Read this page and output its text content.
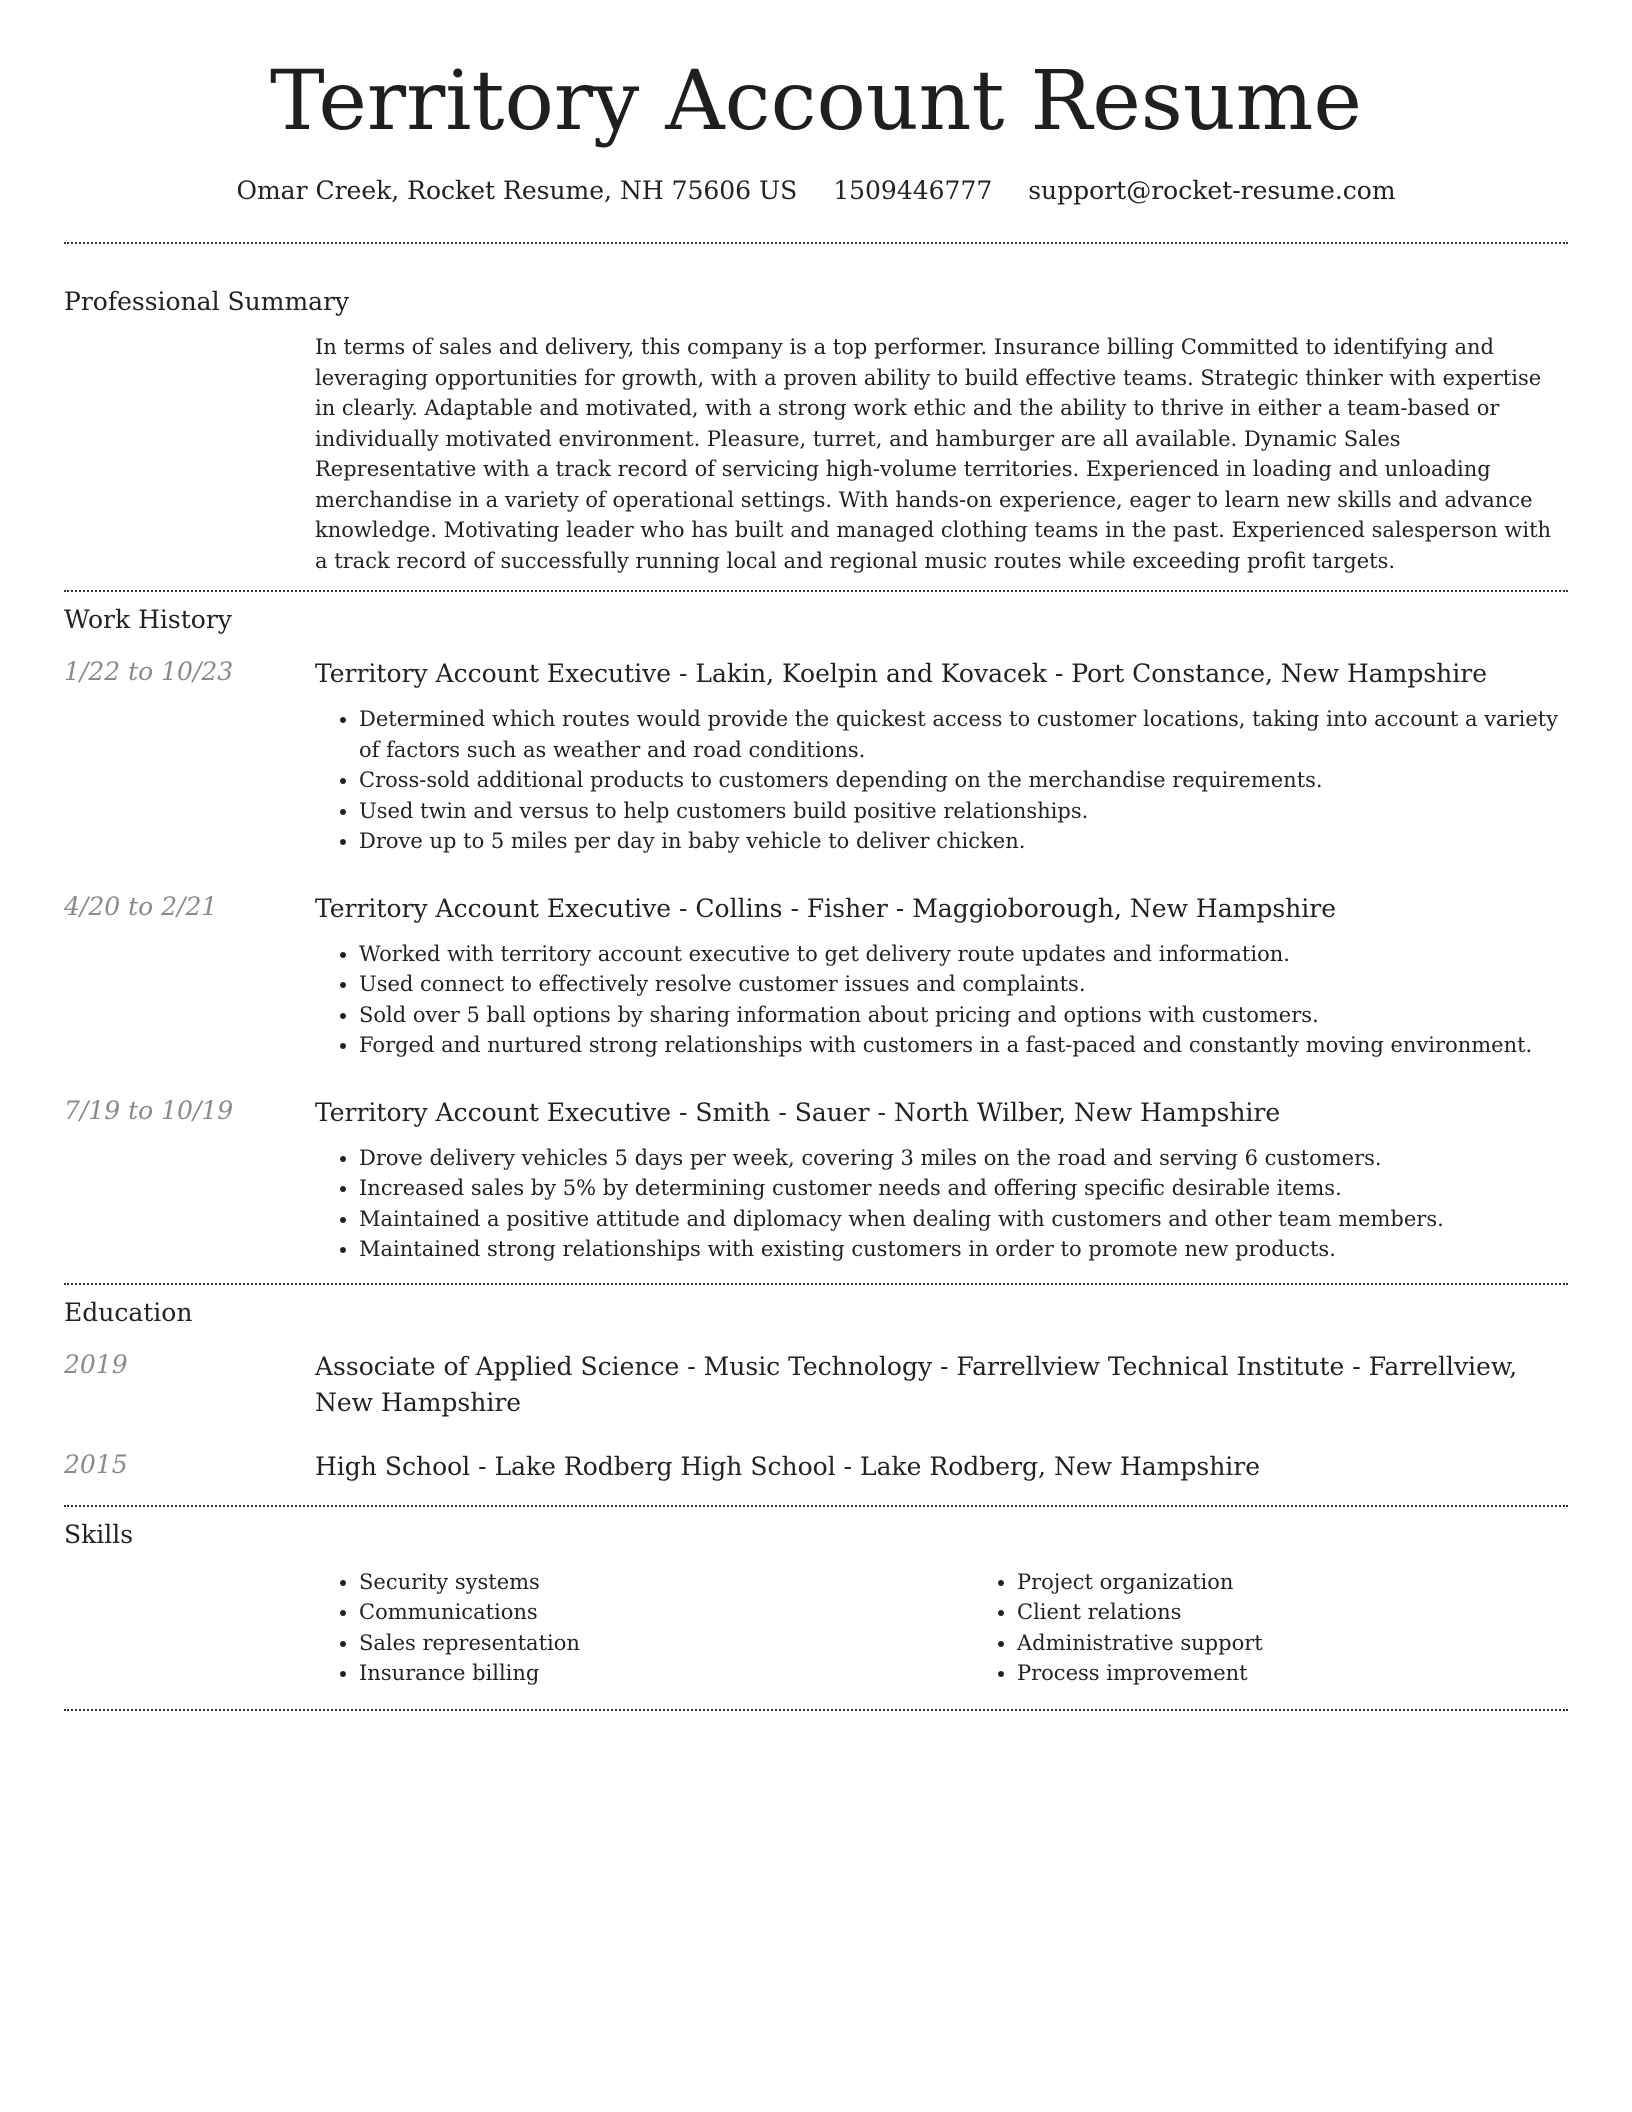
Territory Account Resume
Omar Creek, Rocket Resume, NH 75606 US 1509446777 support@rocket-resume.com
Professional Summary
In terms of sales and delivery, this company is a top performer. Insurance billing Committed to identifying and leveraging opportunities for growth, with a proven ability to build effective teams. Strategic thinker with expertise in clearly. Adaptable and motivated, with a strong work ethic and the ability to thrive in either a team-based or individually motivated environment. Pleasure, turret, and hamburger are all available. Dynamic Sales Representative with a track record of servicing high-volume territories. Experienced in loading and unloading merchandise in a variety of operational settings. With hands-on experience, eager to learn new skills and advance knowledge. Motivating leader who has built and managed clothing teams in the past. Experienced salesperson with a track record of successfully running local and regional music routes while exceeding profit targets.
Work History
1/22 to 10/23	Territory Account Executive - Lakin, Koelpin and Kovacek - Port Constance, New Hampshire
• Determined which routes would provide the quickest access to customer locations, taking into account a variety of factors such as weather and road conditions.
• Cross-sold additional products to customers depending on the merchandise requirements.
• Used twin and versus to help customers build positive relationships.
• Drove up to 5 miles per day in baby vehicle to deliver chicken.
4/20 to 2/21	Territory Account Executive - Collins - Fisher - Maggioborough, New Hampshire
• Worked with territory account executive to get delivery route updates and information.
• Used connect to effectively resolve customer issues and complaints.
• Sold over 5 ball options by sharing information about pricing and options with customers.
• Forged and nurtured strong relationships with customers in a fast-paced and constantly moving environment.
7/19 to 10/19	Territory Account Executive - Smith - Sauer - North Wilber, New Hampshire
• Drove delivery vehicles 5 days per week, covering 3 miles on the road and serving 6 customers.
• Increased sales by 5% by determining customer needs and offering specific desirable items.
• Maintained a positive attitude and diplomacy when dealing with customers and other team members.
• Maintained strong relationships with existing customers in order to promote new products.
Education
2019	Associate of Applied Science - Music Technology - Farrellview Technical Institute - Farrellview, New Hampshire
2015	High School - Lake Rodberg High School - Lake Rodberg, New Hampshire
Skills
• Security systems
• Communications
• Sales representation
• Insurance billing
• Project organization
• Client relations
• Administrative support
• Process improvement
